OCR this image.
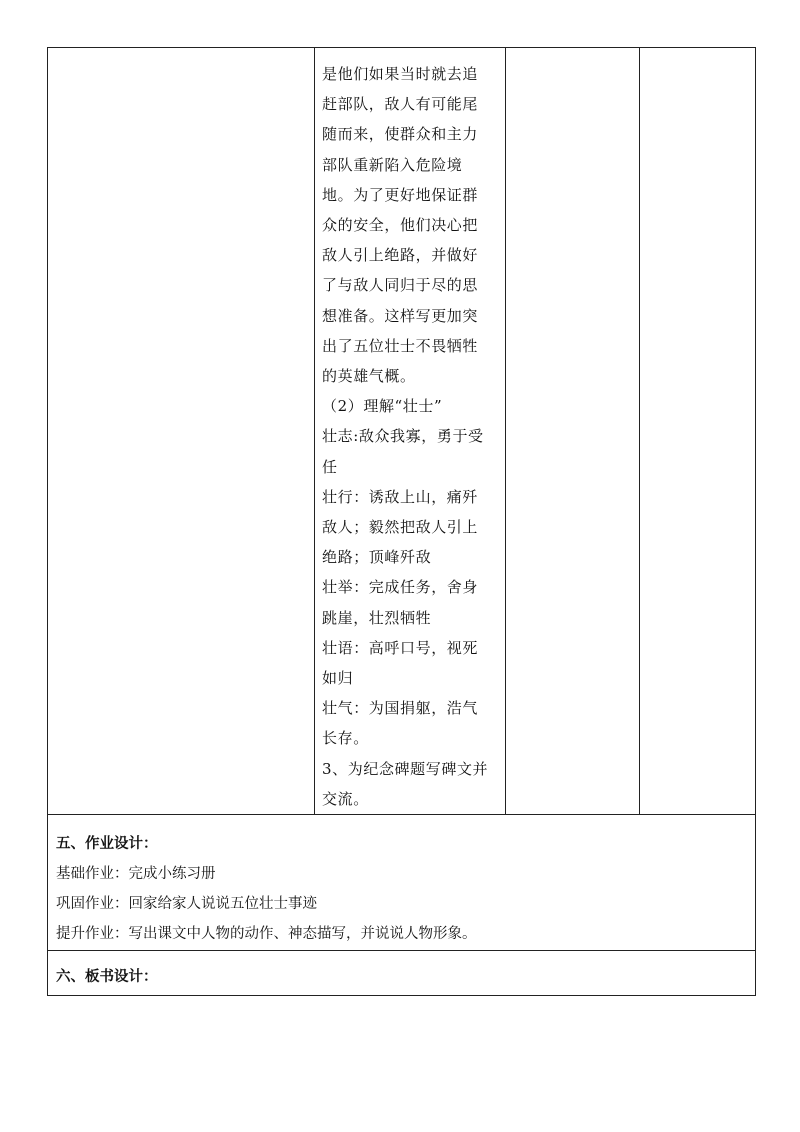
是他们如果当时就去追

赶部队，敌人有可能尾

随而来，使群众和主力

部队重新陷入危险境

地。为了更好地保证群

众的安全，他们决心把

敌人引上绝路，并做好

了与敌人同归于尽的思

想准备。这样写更加突

出了五位壮士不畏牺牲

的英雄气概。

（2）理解“壮士”

壮志:敌众我寡，勇于受

任

壮行：诱敌上山，痛歼

敌人；毅然把敌人引上

绝路；顶峰歼敌

壮举：完成任务，舍身

跳崖，壮烈牺牲

壮语：高呼口号，视死

如归

壮气：为国捐躯，浩气

长存。

3、为纪念碑题写碑文并

交流。

五、作业设计：

基础作业：完成小练习册

巩固作业：回家给家人说说五位壮士事迹

提升作业：写出课文中人物的动作、神态描写，并说说人物形象。

六、板书设计：
